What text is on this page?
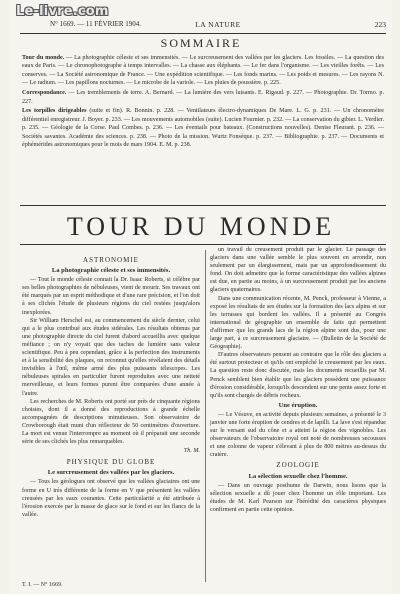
Le-livre.com
N° 1669. — 11 FÉVRIER 1904.	LA NATURE	223
SOMMAIRE

Tour du monde. — La photographie céleste et ses immensités. — Le surcreusement des vallées par les glaciers. Les fossiles. — La question des eaux de Paris. — Le chronophotographe à temps intervalles. — La chasse aux éléphants. — Le fer dans l'organisme. — Les vieilles forêts. — Les conserves. — La Société astronomique de France. — Une expédition scientifique. — Les fonds marins. — Les poids et mesures. — Les rayons N. — Le radium. — Les papillons nocturnes. — Le microbe de la variole. — Les pluies de poussière. p. 225.

Correspondance. — Les tremblements de terre. A. Bernard. — La lumière des vers luisants. E. Rigaud. p. 227. — Photographie. Dr. Tormo. p. 227.

Les torpilles dirigeables (suite et fin). R. Bonnin. p. 228. — Ventilateurs électro-dynamiques De Mare. L. G. p. 231. — Un chronomètre différentiel enregistreur. J. Boyer. p. 233. — Les mouvements automobiles (suite). Lucien Fournier. p. 232. — La conservation du gibier. L. Verdier. p. 235. — Géologie de la Corse. Paul Combes. p. 236. — Les éventails pour bateaux. (Constructions nouvelles). Denise Fleurant. p. 236. — Sociétés savantes. Académie des sciences. p. 238. — Photo de la mission. Wurtz Fonsèque. p. 237. — Bibliographie. p. 237. — Documents et éphémérides astronomiques pour le mois de mars 1904. E. M. p. 238.

TOUR DU MONDE
ASTRONOMIE
La photographie céleste et ses immensités.

— Tout le monde céleste connait la Dr. Isaac Roberts, si célèbre par ses belles photographies de nébuleuses, vient de mourir. Ses travaux ont été marqués par un esprit méthodique et d'une rare précision, et l'on doit à ses clichés l'étude de plusieurs régions du ciel restées jusqu'alors inexplorées.

Sir William Herschel est, au commencement du siècle dernier, celui qui a le plus contribué aux études sidérales. Les résultats obtenus par une photographie directe du ciel furent d'abord accueillis avec quelque méfiance ; on n'y voyait que des taches de lumière sans valeur scientifique. Peu à peu cependant, grâce à la perfection des instruments et à la sensibilité des plaques, on reconnut qu'elles révélaient des détails invisibles à l'œil, même armé des plus puissants télescopes. Les nébuleuses spirales en particulier furent reproduites avec une netteté merveilleuse, et leurs formes purent être comparées d'une année à l'autre.

Les recherches de M. Roberts ont porté sur près de cinquante régions choisies, dont il a donné des reproductions à grande échelle accompagnées de descriptions minutieuses. Son observatoire de Crowborough était muni d'un réflecteur de 50 centimètres d'ouverture. La mort est venue l'interrompre au moment où il préparait une seconde série de ses clichés les plus remarquables.

Th. M.
PHYSIQUE DU GLOBE
Le surcreusement des vallées par les glaciers.

— Tous les géologues ont observé que les vallées glaciaires ont une forme en U très différente de la forme en V que présentent les vallées creusées par les eaux courantes. Cette particularité a été attribuée à l'érosion exercée par la masse de glace sur le fond et sur les flancs de la vallée.

un travail de creusement produit par le glacier. Le passage des glaciers dans une vallée semble le plus souvent en arrondir, non seulement par un élargissement, mais par un approfondissement du fond. On doit admettre que la forme caractéristique des vallées alpines est due, en partie au moins, à un surcreusement produit par les anciens glaciers quaternaires.

Dans une communication récente, M. Penck, professeur à Vienne, a exposé les résultats de ses études sur la formation des lacs alpins et sur les terrasses qui bordent les vallées. Il a présenté au Congrès international de géographie un ensemble de faits qui permettent d'affirmer que les grands lacs de la région alpine sont dus, pour une large part, à ce surcreusement glaciaire. — (Bulletin de la Société de Géographie).

D'autres observateurs pensent au contraire que le rôle des glaciers a été surtout protecteur et qu'ils ont empêché le creusement par les eaux. La question reste donc discutée, mais les documents recueillis par M. Penck semblent bien établir que les glaciers possèdent une puissance d'érosion considérable, lorsqu'ils descendent sur une pente assez forte et qu'ils sont chargés de débris rocheux.

Une éruption.

— Le Vésuve, en activité depuis plusieurs semaines, a présenté le 3 janvier une forte éruption de cendres et de lapilli. La lave s'est répandue sur le versant sud du cône et a atteint la région des vignobles. Les observateurs de l'observatoire royal ont noté de nombreuses secousses et une colonne de vapeur s'élevant à plus de 800 mètres au-dessus du cratère.

ZOOLOGIE
La sélection sexuelle chez l'homme.

— Dans un ouvrage posthume de Darwin, nous lisons que la sélection sexuelle a dû jouer chez l'homme un rôle important. Les études de M. Karl Pearson sur l'hérédité des caractères physiques confirment en partie cette opinion.

T. I. — N° 1669.
